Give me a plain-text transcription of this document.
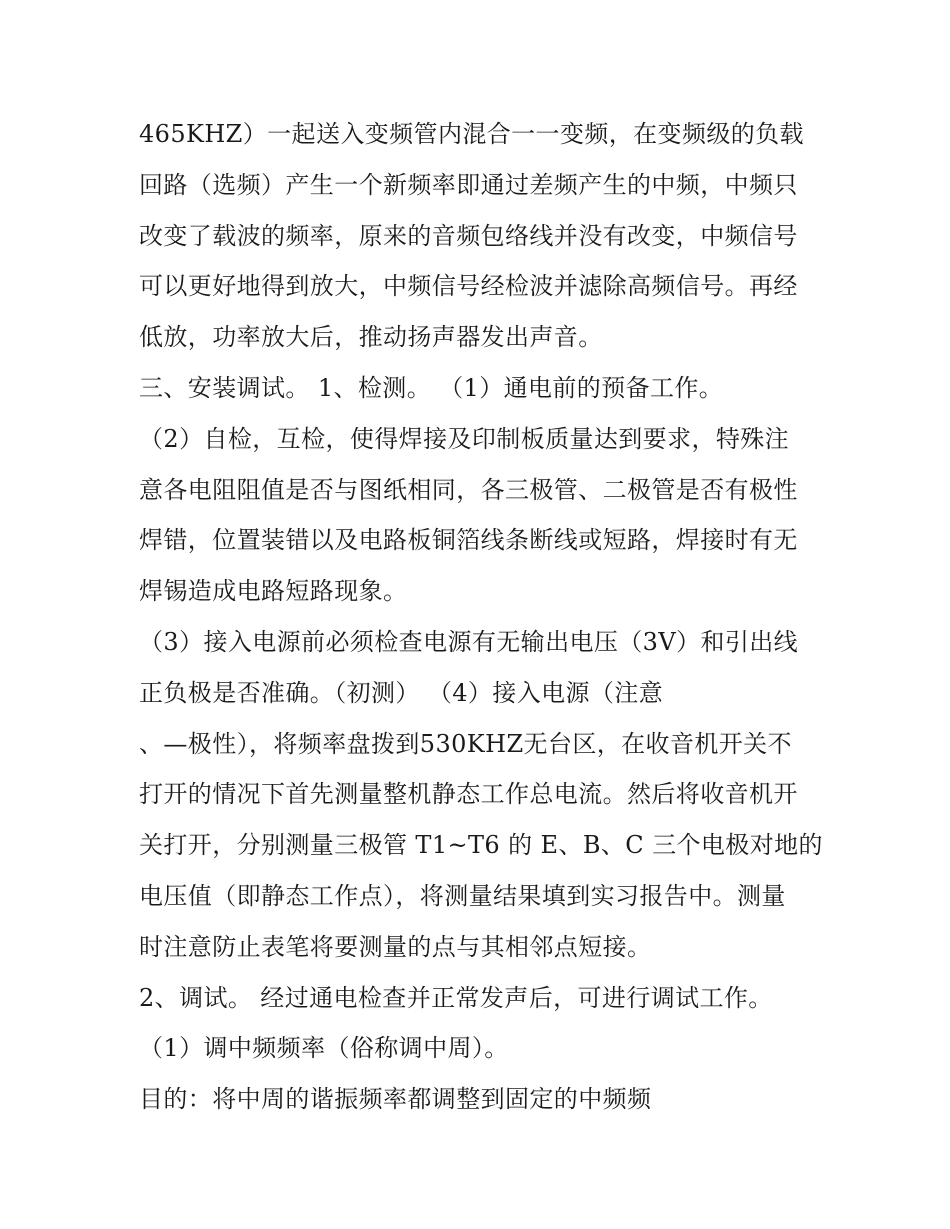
465KHZ）一起送入变频管内混合一一变频，在变频级的负载
回路（选频）产生一个新频率即通过差频产生的中频，中频只
改变了载波的频率，原来的音频包络线并没有改变，中频信号
可以更好地得到放大，中频信号经检波并滤除高频信号。再经
低放，功率放大后，推动扬声器发出声音。
三、安装调试。 1、检测。 （1）通电前的预备工作。
（2）自检，互检，使得焊接及印制板质量达到要求，特殊注
意各电阻阻值是否与图纸相同，各三极管、二极管是否有极性
焊错，位置装错以及电路板铜箔线条断线或短路，焊接时有无
焊锡造成电路短路现象。
（3）接入电源前必须检查电源有无输出电压（3V）和引出线
正负极是否准确。（初测） （4）接入电源（注意
、—极性），将频率盘拨到530KHZ无台区，在收音机开关不
打开的情况下首先测量整机静态工作总电流。然后将收音机开
关打开，分别测量三极管 T1~T6 的 E、B、C 三个电极对地的
电压值（即静态工作点），将测量结果填到实习报告中。测量
时注意防止表笔将要测量的点与其相邻点短接。
2、调试。 经过通电检查并正常发声后，可进行调试工作。
（1）调中频频率（俗称调中周）。
目的：将中周的谐振频率都调整到固定的中频频
